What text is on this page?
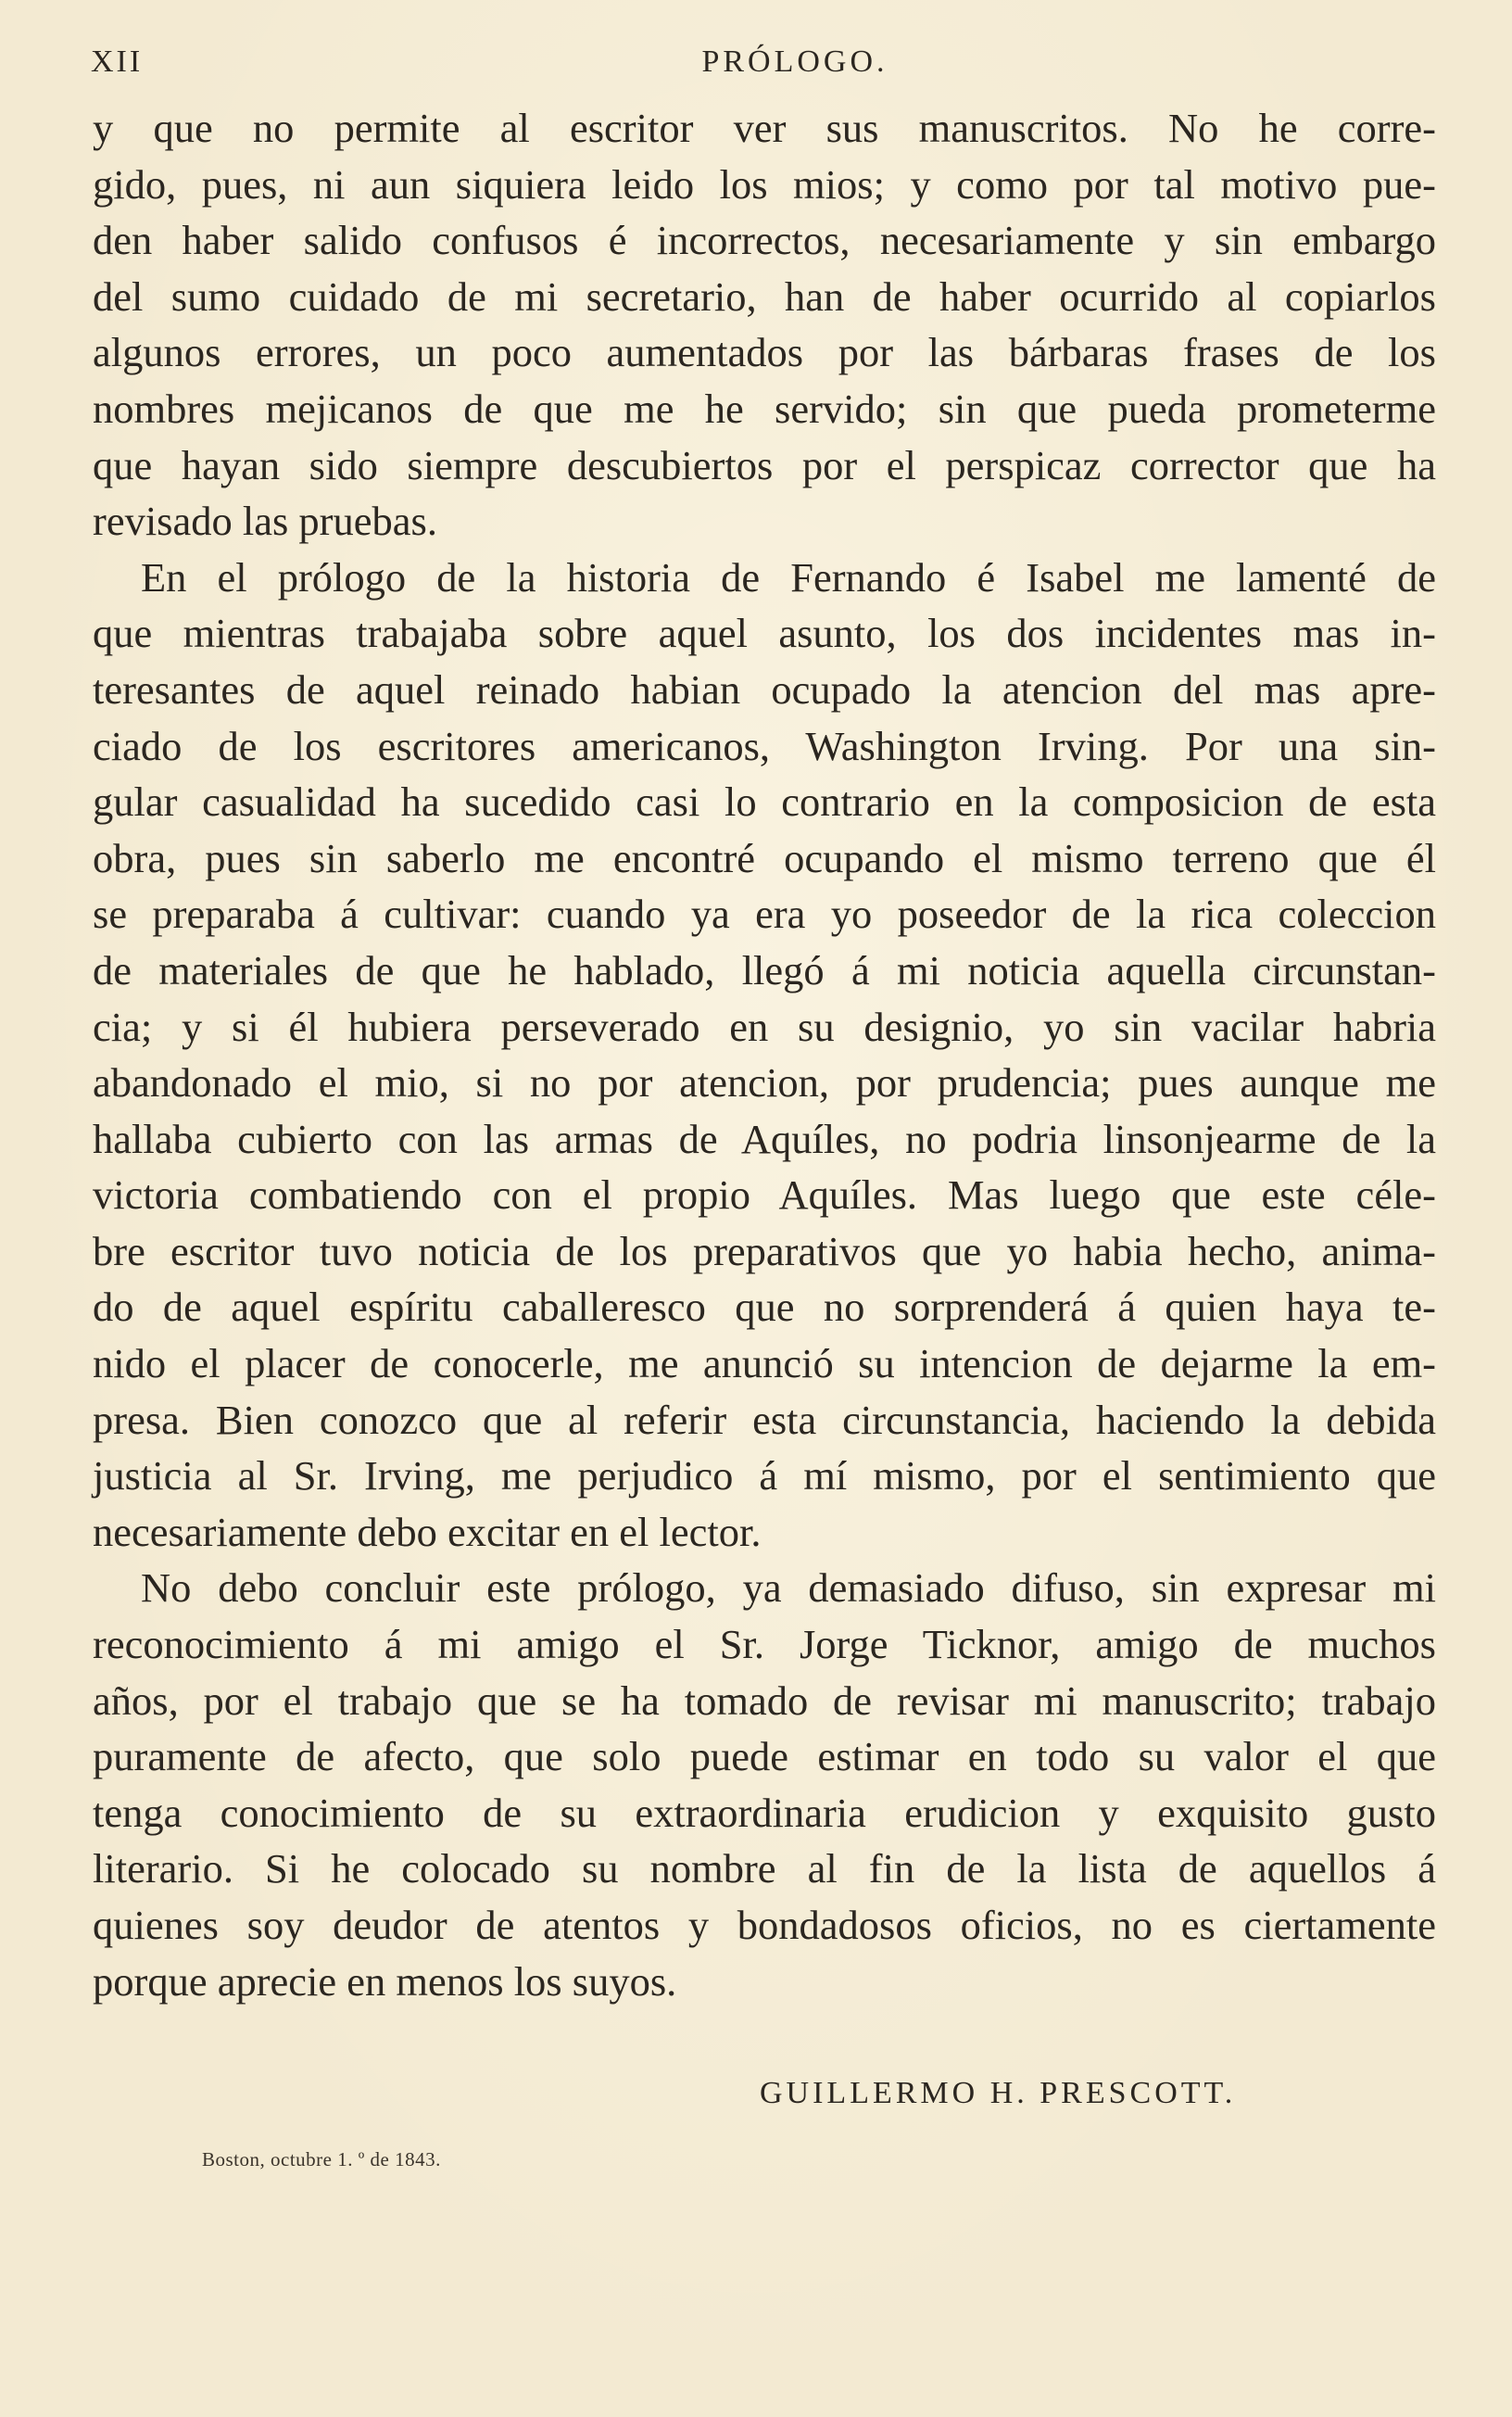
XII	PRÓLOGO.
y que no permite al escritor ver sus manuscritos. No he corre-
gido, pues, ni aun siquiera leido los mios; y como por tal motivo pue-
den haber salido confusos é incorrectos, necesariamente y sin embargo
del sumo cuidado de mi secretario, han de haber ocurrido al copiarlos
algunos errores, un poco aumentados por las bárbaras frases de los
nombres mejicanos de que me he servido; sin que pueda prometerme
que hayan sido siempre descubiertos por el perspicaz corrector que ha
revisado las pruebas.
En el prólogo de la historia de Fernando é Isabel me lamenté de
que mientras trabajaba sobre aquel asunto, los dos incidentes mas in-
teresantes de aquel reinado habian ocupado la atencion del mas apre-
ciado de los escritores americanos, Washington Irving. Por una sin-
gular casualidad ha sucedido casi lo contrario en la composicion de esta
obra, pues sin saberlo me encontré ocupando el mismo terreno que él
se preparaba á cultivar: cuando ya era yo poseedor de la rica coleccion
de materiales de que he hablado, llegó á mi noticia aquella circunstan-
cia; y si él hubiera perseverado en su designio, yo sin vacilar habria
abandonado el mio, si no por atencion, por prudencia; pues aunque me
hallaba cubierto con las armas de Aquíles, no podria linsonjearme de la
victoria combatiendo con el propio Aquíles. Mas luego que este céle-
bre escritor tuvo noticia de los preparativos que yo habia hecho, anima-
do de aquel espíritu caballeresco que no sorprenderá á quien haya te-
nido el placer de conocerle, me anunció su intencion de dejarme la em-
presa. Bien conozco que al referir esta circunstancia, haciendo la debida
justicia al Sr. Irving, me perjudico á mí mismo, por el sentimiento que
necesariamente debo excitar en el lector.
No debo concluir este prólogo, ya demasiado difuso, sin expresar mi
reconocimiento á mi amigo el Sr. Jorge Ticknor, amigo de muchos
años, por el trabajo que se ha tomado de revisar mi manuscrito; trabajo
puramente de afecto, que solo puede estimar en todo su valor el que
tenga conocimiento de su extraordinaria erudicion y exquisito gusto
literario. Si he colocado su nombre al fin de la lista de aquellos á
quienes soy deudor de atentos y bondadosos oficios, no es ciertamente
porque aprecie en menos los suyos.
GUILLERMO H. PRESCOTT.
Boston, octubre 1. º de 1843.
